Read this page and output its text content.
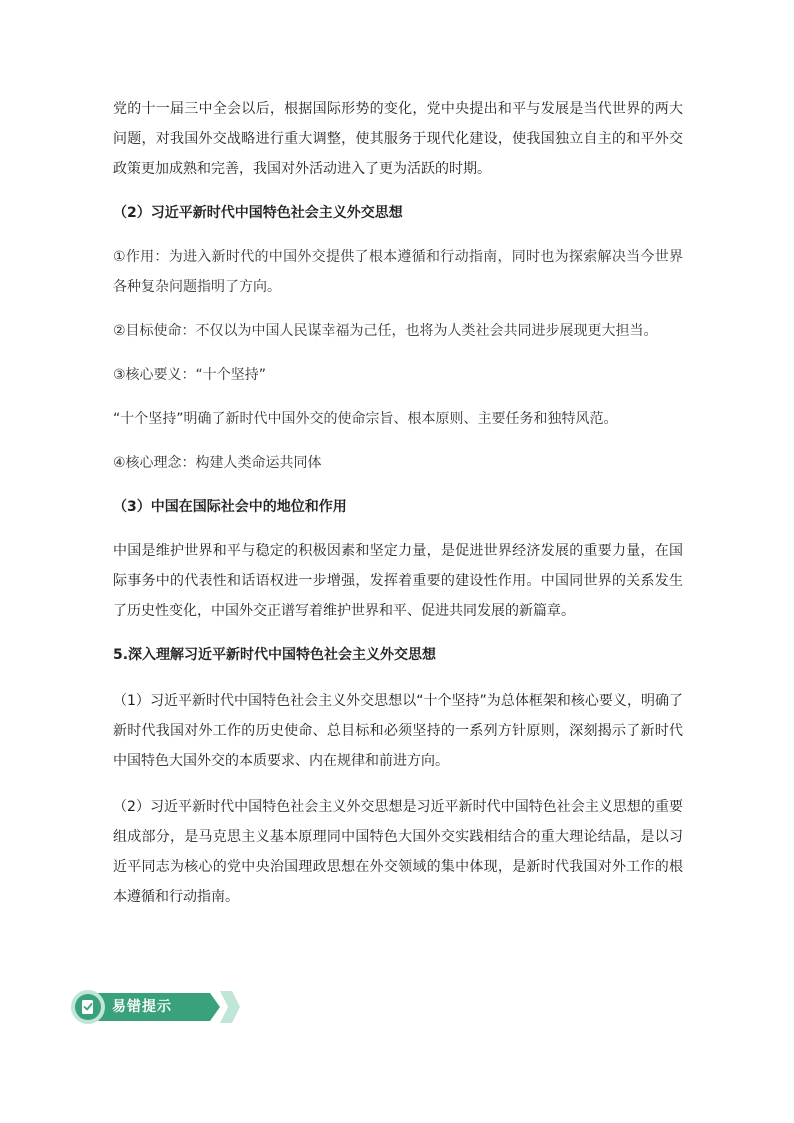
党的十一届三中全会以后，根据国际形势的变化，党中央提出和平与发展是当代世界的两大问题，对我国外交战略进行重大调整，使其服务于现代化建设，使我国独立自主的和平外交政策更加成熟和完善，我国对外活动进入了更为活跃的时期。

（2）习近平新时代中国特色社会主义外交思想

①作用：为进入新时代的中国外交提供了根本遵循和行动指南，同时也为探索解决当今世界各种复杂问题指明了方向。

②目标使命：不仅以为中国人民谋幸福为己任，也将为人类社会共同进步展现更大担当。

③核心要义：“十个坚持”

“十个坚持”明确了新时代中国外交的使命宗旨、根本原则、主要任务和独特风范。

④核心理念：构建人类命运共同体

（3）中国在国际社会中的地位和作用

中国是维护世界和平与稳定的积极因素和坚定力量，是促进世界经济发展的重要力量，在国际事务中的代表性和话语权进一步增强，发挥着重要的建设性作用。中国同世界的关系发生了历史性变化，中国外交正谱写着维护世界和平、促进共同发展的新篇章。

5.深入理解习近平新时代中国特色社会主义外交思想

（1）习近平新时代中国特色社会主义外交思想以“十个坚持”为总体框架和核心要义，明确了新时代我国对外工作的历史使命、总目标和必须坚持的一系列方针原则，深刻揭示了新时代中国特色大国外交的本质要求、内在规律和前进方向。

（2）习近平新时代中国特色社会主义外交思想是习近平新时代中国特色社会主义思想的重要组成部分，是马克思主义基本原理同中国特色大国外交实践相结合的重大理论结晶，是以习近平同志为核心的党中央治国理政思想在外交领域的集中体现，是新时代我国对外工作的根本遵循和行动指南。

易错提示
